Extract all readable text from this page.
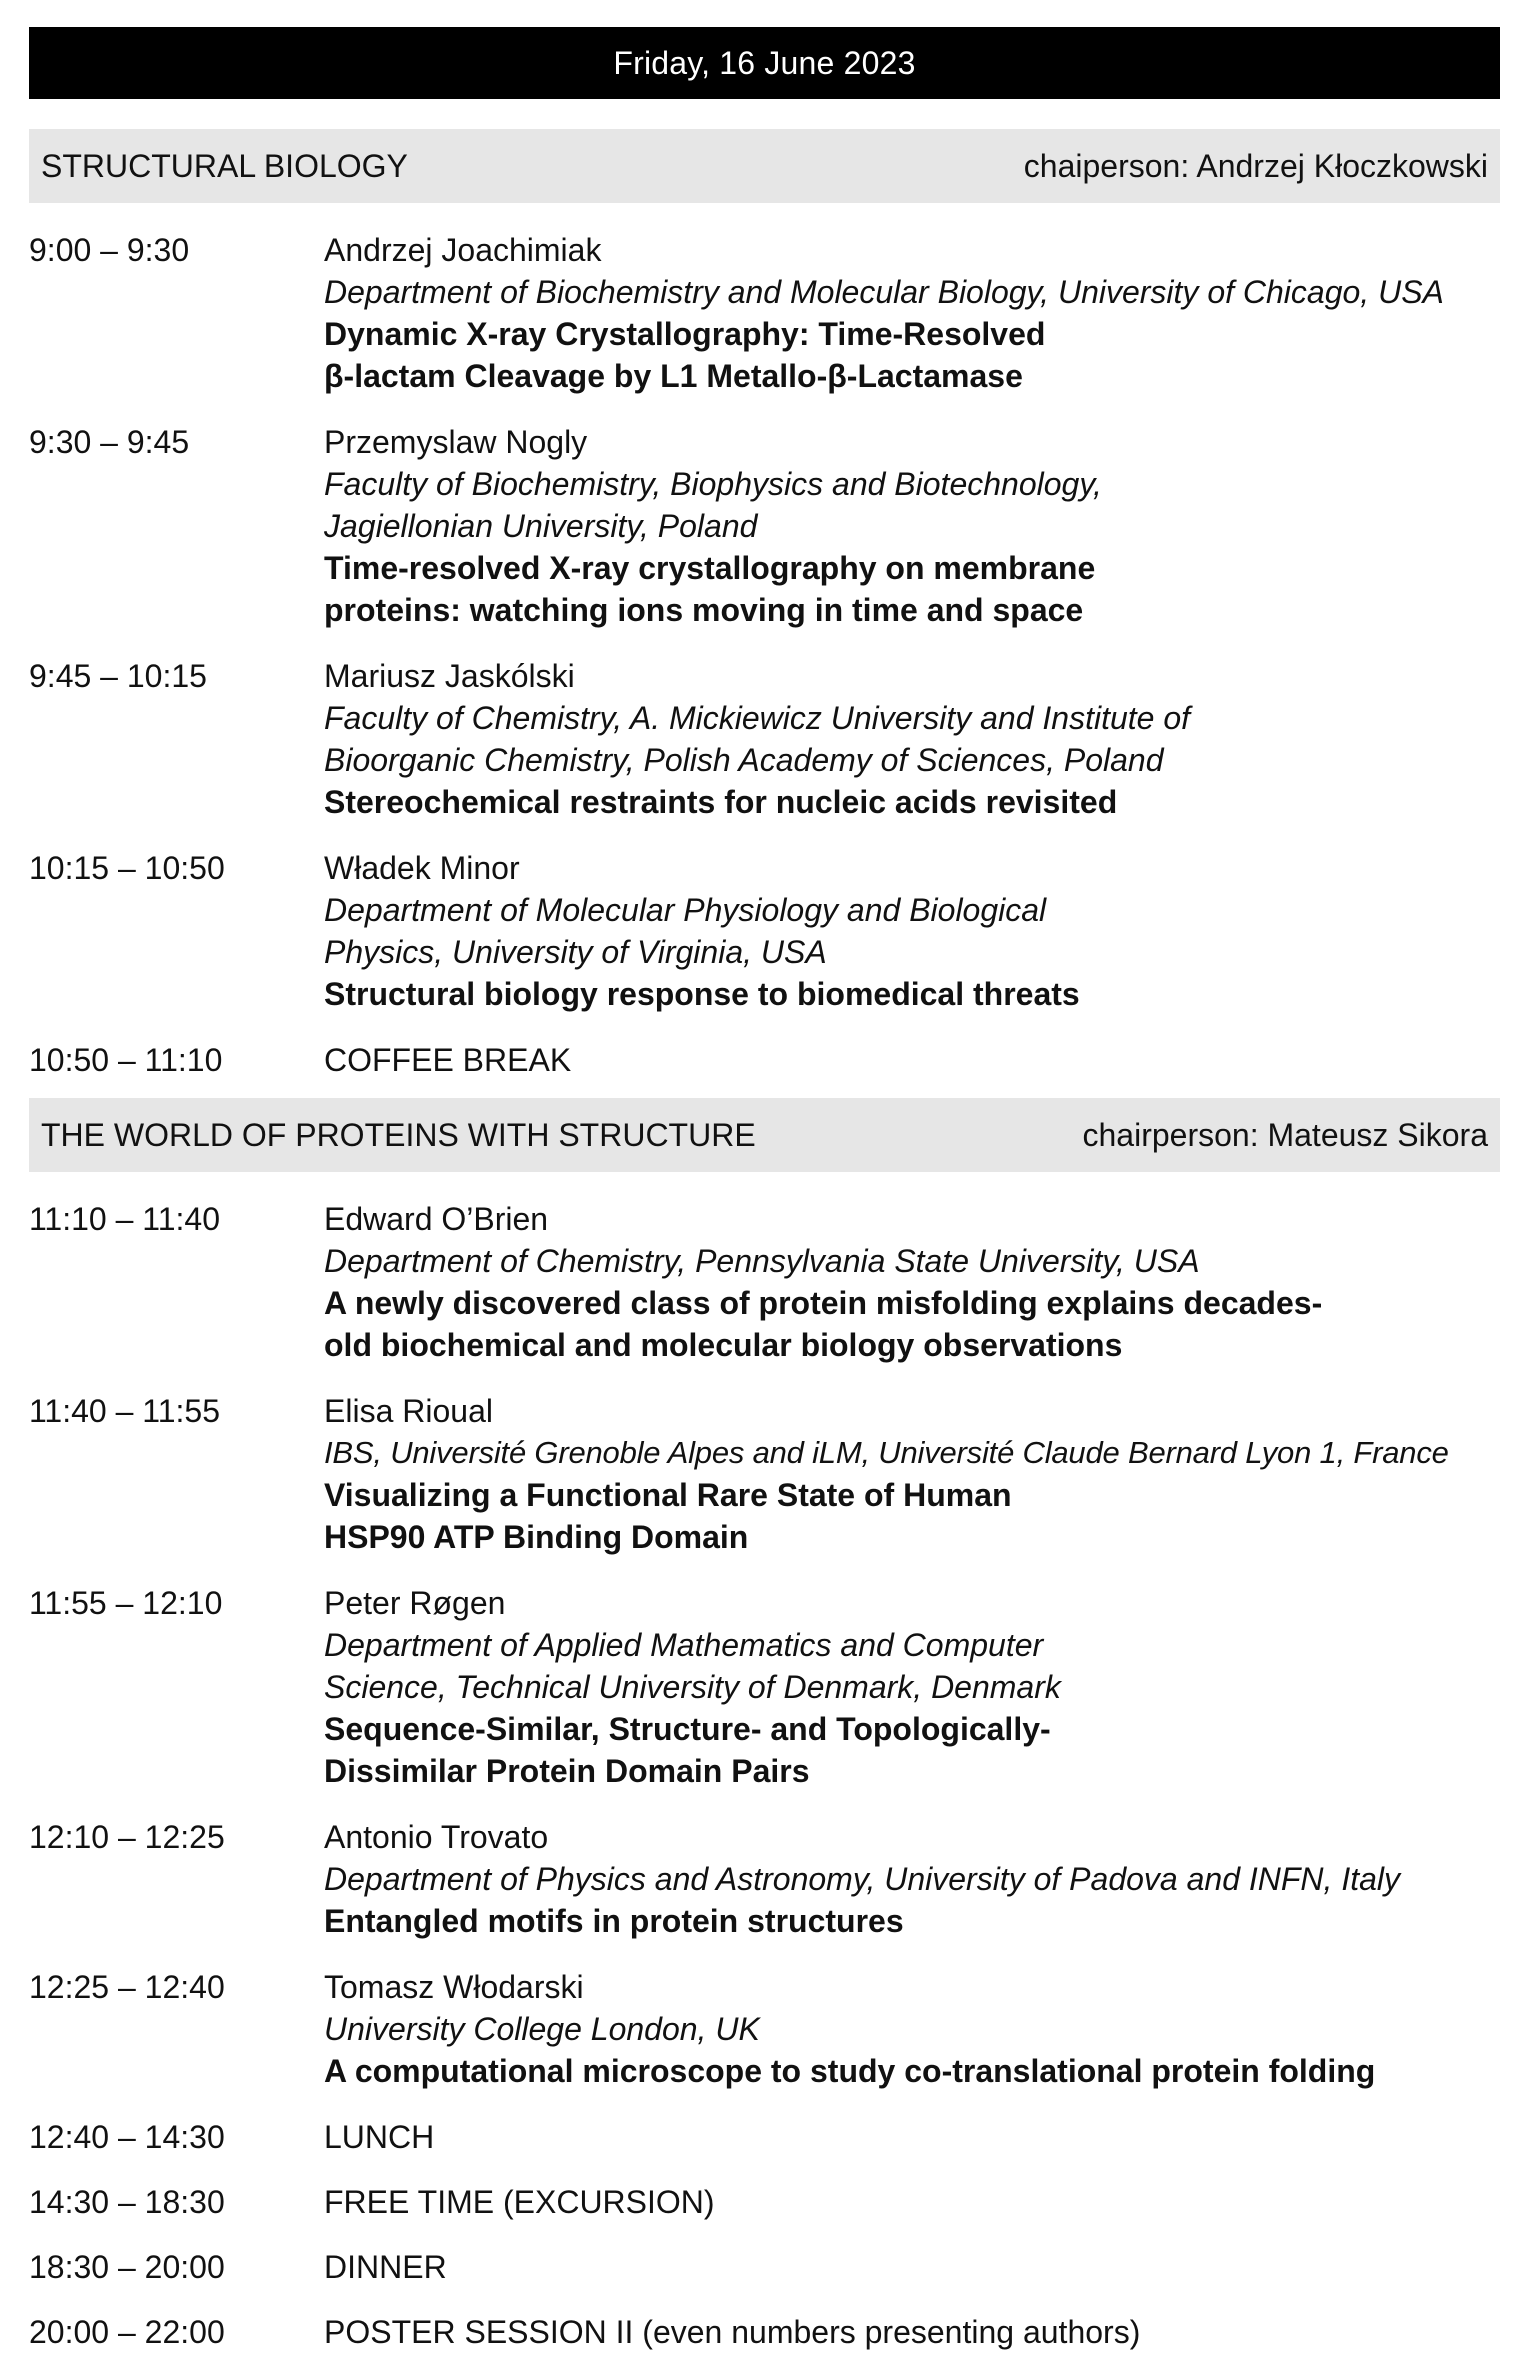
Friday, 16 June 2023
STRUCTURAL BIOLOGY	chaiperson: Andrzej Kłoczkowski
9:00 – 9:30	Andrzej Joachimiak
Department of Biochemistry and Molecular Biology, University of Chicago, USA
Dynamic X-ray Crystallography: Time-Resolved
β-lactam Cleavage by L1 Metallo-β-Lactamase
9:30 – 9:45	Przemyslaw Nogly
Faculty of Biochemistry, Biophysics and Biotechnology,
Jagiellonian University, Poland
Time-resolved X-ray crystallography on membrane
proteins: watching ions moving in time and space
9:45 – 10:15	Mariusz Jaskólski
Faculty of Chemistry, A. Mickiewicz University and Institute of
Bioorganic Chemistry, Polish Academy of Sciences, Poland
Stereochemical restraints for nucleic acids revisited
10:15 – 10:50	Władek Minor
Department of Molecular Physiology and Biological
Physics, University of Virginia, USA
Structural biology response to biomedical threats
10:50 – 11:10	COFFEE BREAK
THE WORLD OF PROTEINS WITH STRUCTURE	chairperson: Mateusz Sikora
11:10 – 11:40	Edward O’Brien
Department of Chemistry, Pennsylvania State University, USA
A newly discovered class of protein misfolding explains decades-
old biochemical and molecular biology observations
11:40 – 11:55	Elisa Rioual
IBS, Université Grenoble Alpes and iLM, Université Claude Bernard Lyon 1, France
Visualizing a Functional Rare State of Human
HSP90 ATP Binding Domain
11:55 – 12:10	Peter Røgen
Department of Applied Mathematics and Computer
Science, Technical University of Denmark, Denmark
Sequence-Similar, Structure- and Topologically-
Dissimilar Protein Domain Pairs
12:10 – 12:25	Antonio Trovato
Department of Physics and Astronomy, University of Padova and INFN, Italy
Entangled motifs in protein structures
12:25 – 12:40	Tomasz Włodarski
University College London, UK
A computational microscope to study co-translational protein folding
12:40 – 14:30	LUNCH
14:30 – 18:30	FREE TIME (EXCURSION)
18:30 – 20:00	DINNER
20:00 – 22:00	POSTER SESSION II (even numbers presenting authors)
